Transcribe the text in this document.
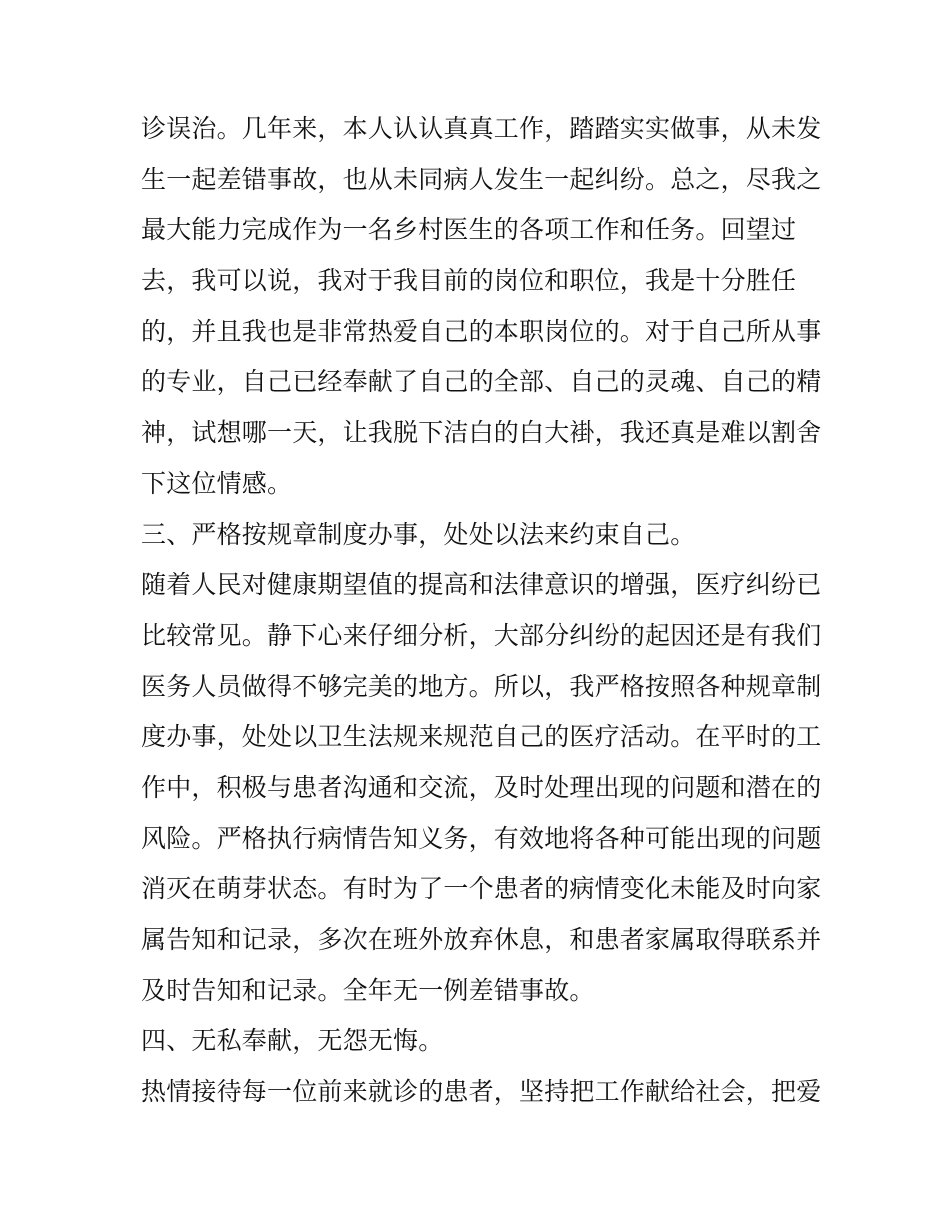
诊误治。几年来，本人认认真真工作，踏踏实实做事，从未发
生一起差错事故，也从未同病人发生一起纠纷。总之，尽我之
最大能力完成作为一名乡村医生的各项工作和任务。回望过
去，我可以说，我对于我目前的岗位和职位，我是十分胜任
的，并且我也是非常热爱自己的本职岗位的。对于自己所从事
的专业，自己已经奉献了自己的全部、自己的灵魂、自己的精
神，试想哪一天，让我脱下洁白的白大褂，我还真是难以割舍
下这位情感。
三、严格按规章制度办事，处处以法来约束自己。
随着人民对健康期望值的提高和法律意识的增强，医疗纠纷已
比较常见。静下心来仔细分析，大部分纠纷的起因还是有我们
医务人员做得不够完美的地方。所以，我严格按照各种规章制
度办事，处处以卫生法规来规范自己的医疗活动。在平时的工
作中，积极与患者沟通和交流，及时处理出现的问题和潜在的
风险。严格执行病情告知义务，有效地将各种可能出现的问题
消灭在萌芽状态。有时为了一个患者的病情变化未能及时向家
属告知和记录，多次在班外放弃休息，和患者家属取得联系并
及时告知和记录。全年无一例差错事故。
四、无私奉献，无怨无悔。
热情接待每一位前来就诊的患者，坚持把工作献给社会，把爱
